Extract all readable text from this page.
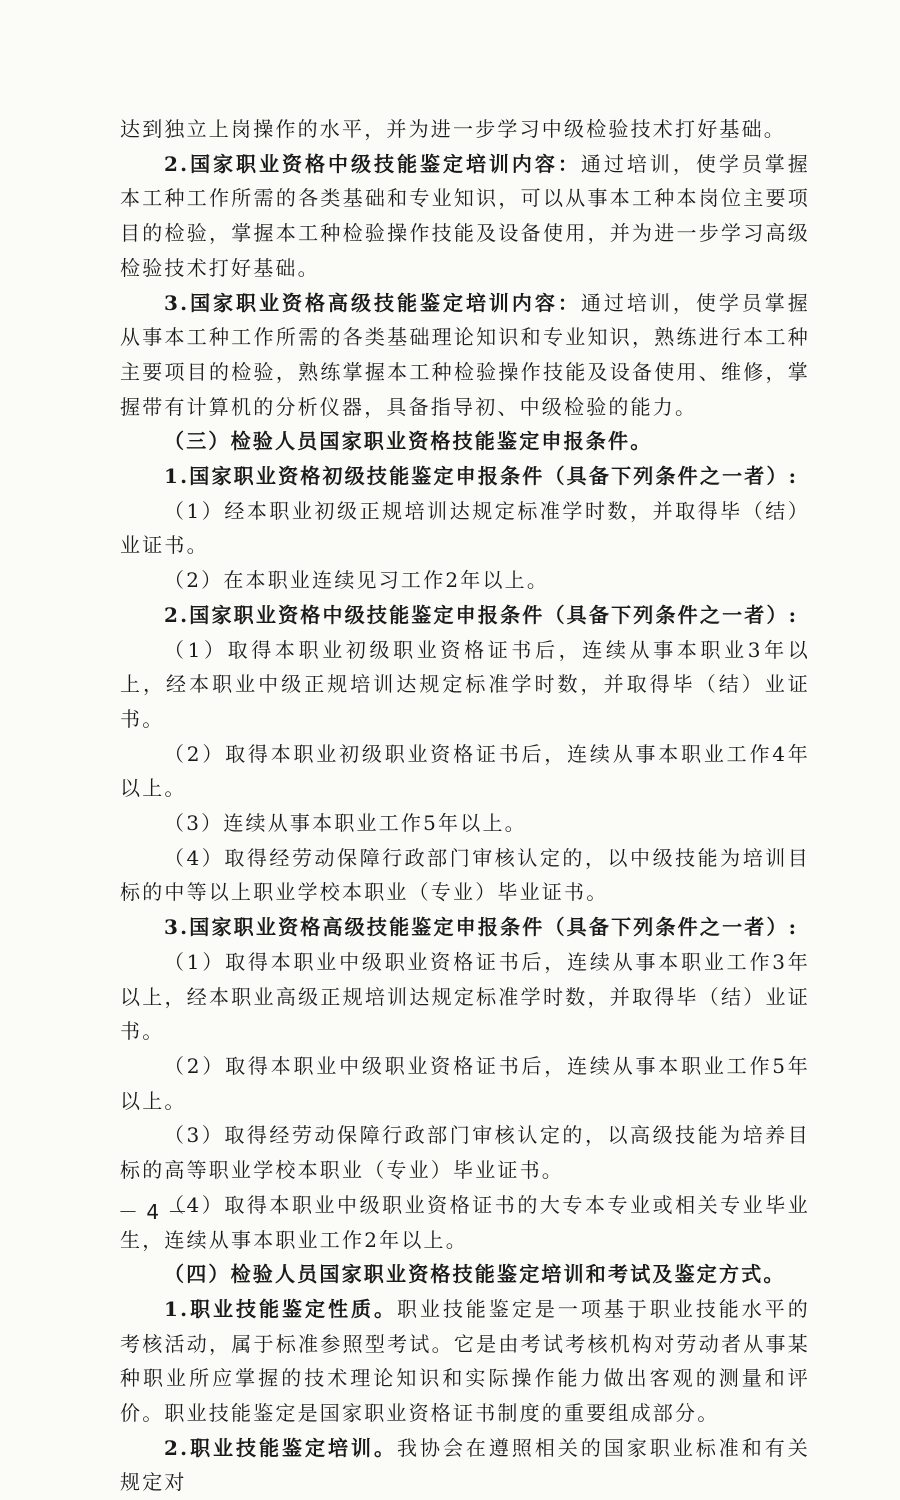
达到独立上岗操作的水平，并为进一步学习中级检验技术打好基础。

2.国家职业资格中级技能鉴定培训内容：通过培训，使学员掌握本工种工作所需的各类基础和专业知识，可以从事本工种本岗位主要项目的检验，掌握本工种检验操作技能及设备使用，并为进一步学习高级检验技术打好基础。

3.国家职业资格高级技能鉴定培训内容：通过培训，使学员掌握从事本工种工作所需的各类基础理论知识和专业知识，熟练进行本工种主要项目的检验，熟练掌握本工种检验操作技能及设备使用、维修，掌握带有计算机的分析仪器，具备指导初、中级检验的能力。

（三）检验人员国家职业资格技能鉴定申报条件。

1.国家职业资格初级技能鉴定申报条件（具备下列条件之一者）:

（1）经本职业初级正规培训达规定标准学时数，并取得毕（结）业证书。

（2）在本职业连续见习工作2年以上。

2.国家职业资格中级技能鉴定申报条件（具备下列条件之一者）:

（1）取得本职业初级职业资格证书后，连续从事本职业3年以上，经本职业中级正规培训达规定标准学时数，并取得毕（结）业证书。

（2）取得本职业初级职业资格证书后，连续从事本职业工作4年以上。

（3）连续从事本职业工作5年以上。

（4）取得经劳动保障行政部门审核认定的，以中级技能为培训目标的中等以上职业学校本职业（专业）毕业证书。

3.国家职业资格高级技能鉴定申报条件（具备下列条件之一者）:

（1）取得本职业中级职业资格证书后，连续从事本职业工作3年以上，经本职业高级正规培训达规定标准学时数，并取得毕（结）业证书。

（2）取得本职业中级职业资格证书后，连续从事本职业工作5年以上。

（3）取得经劳动保障行政部门审核认定的，以高级技能为培养目标的高等职业学校本职业（专业）毕业证书。

（4）取得本职业中级职业资格证书的大专本专业或相关专业毕业生，连续从事本职业工作2年以上。

（四）检验人员国家职业资格技能鉴定培训和考试及鉴定方式。

1.职业技能鉴定性质。职业技能鉴定是一项基于职业技能水平的考核活动，属于标准参照型考试。它是由考试考核机构对劳动者从事某种职业所应掌握的技术理论知识和实际操作能力做出客观的测量和评价。职业技能鉴定是国家职业资格证书制度的重要组成部分。

2.职业技能鉴定培训。我协会在遵照相关的国家职业标准和有关规定对

－ 4 －
